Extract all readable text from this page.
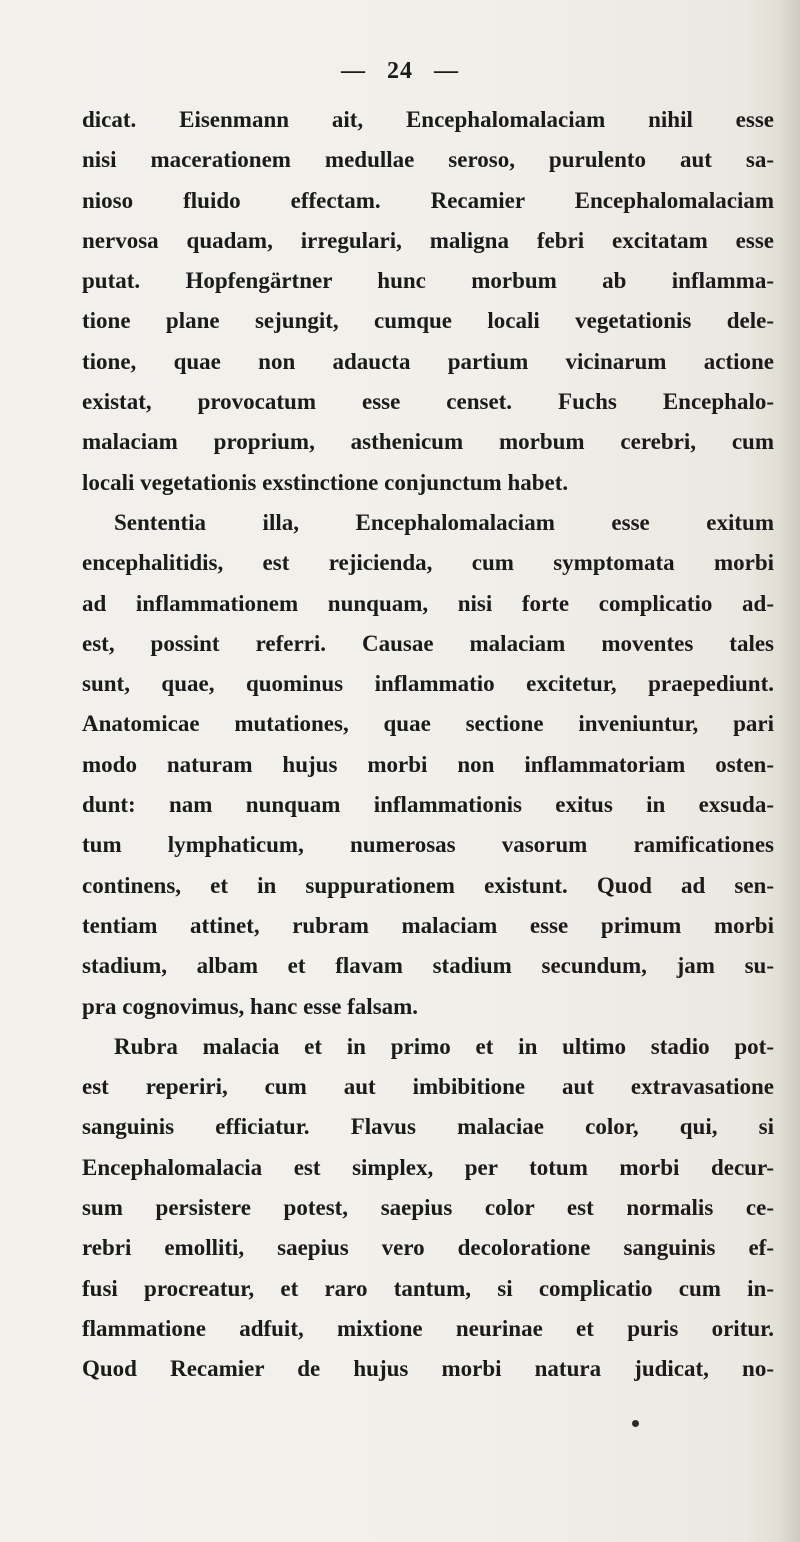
— 24 —
dicat. Eisenmann ait, Encephalomalaciam nihil esse
nisi macerationem medullae seroso, purulento aut sa-
nioso fluido effectam. Recamier Encephalomalaciam
nervosa quadam, irregulari, maligna febri excitatam esse
putat. Hopfengärtner hunc morbum ab inflamma-
tione plane sejungit, cumque locali vegetationis dele-
tione, quae non adaucta partium vicinarum actione
existat, provocatum esse censet. Fuchs Encephalo-
malaciam proprium, asthenicum morbum cerebri, cum
locali vegetationis exstinctione conjunctum habet.
Sententia illa, Encephalomalaciam esse exitum
encephalitidis, est rejicienda, cum symptomata morbi
ad inflammationem nunquam, nisi forte complicatio ad-
est, possint referri. Causae malaciam moventes tales
sunt, quae, quominus inflammatio excitetur, praepediunt.
Anatomicae mutationes, quae sectione inveniuntur, pari
modo naturam hujus morbi non inflammatoriam osten-
dunt: nam nunquam inflammationis exitus in exsuda-
tum lymphaticum, numerosas vasorum ramificationes
continens, et in suppurationem existunt. Quod ad sen-
tentiam attinet, rubram malaciam esse primum morbi
stadium, albam et flavam stadium secundum, jam su-
pra cognovimus, hanc esse falsam.
Rubra malacia et in primo et in ultimo stadio pot-
est reperiri, cum aut imbibitione aut extravasatione
sanguinis efficiatur. Flavus malaciae color, qui, si
Encephalomalacia est simplex, per totum morbi decur-
sum persistere potest, saepius color est normalis ce-
rebri emolliti, saepius vero decoloratione sanguinis ef-
fusi procreatur, et raro tantum, si complicatio cum in-
flammatione adfuit, mixtione neurinae et puris oritur.
Quod Recamier de hujus morbi natura judicat, no-
